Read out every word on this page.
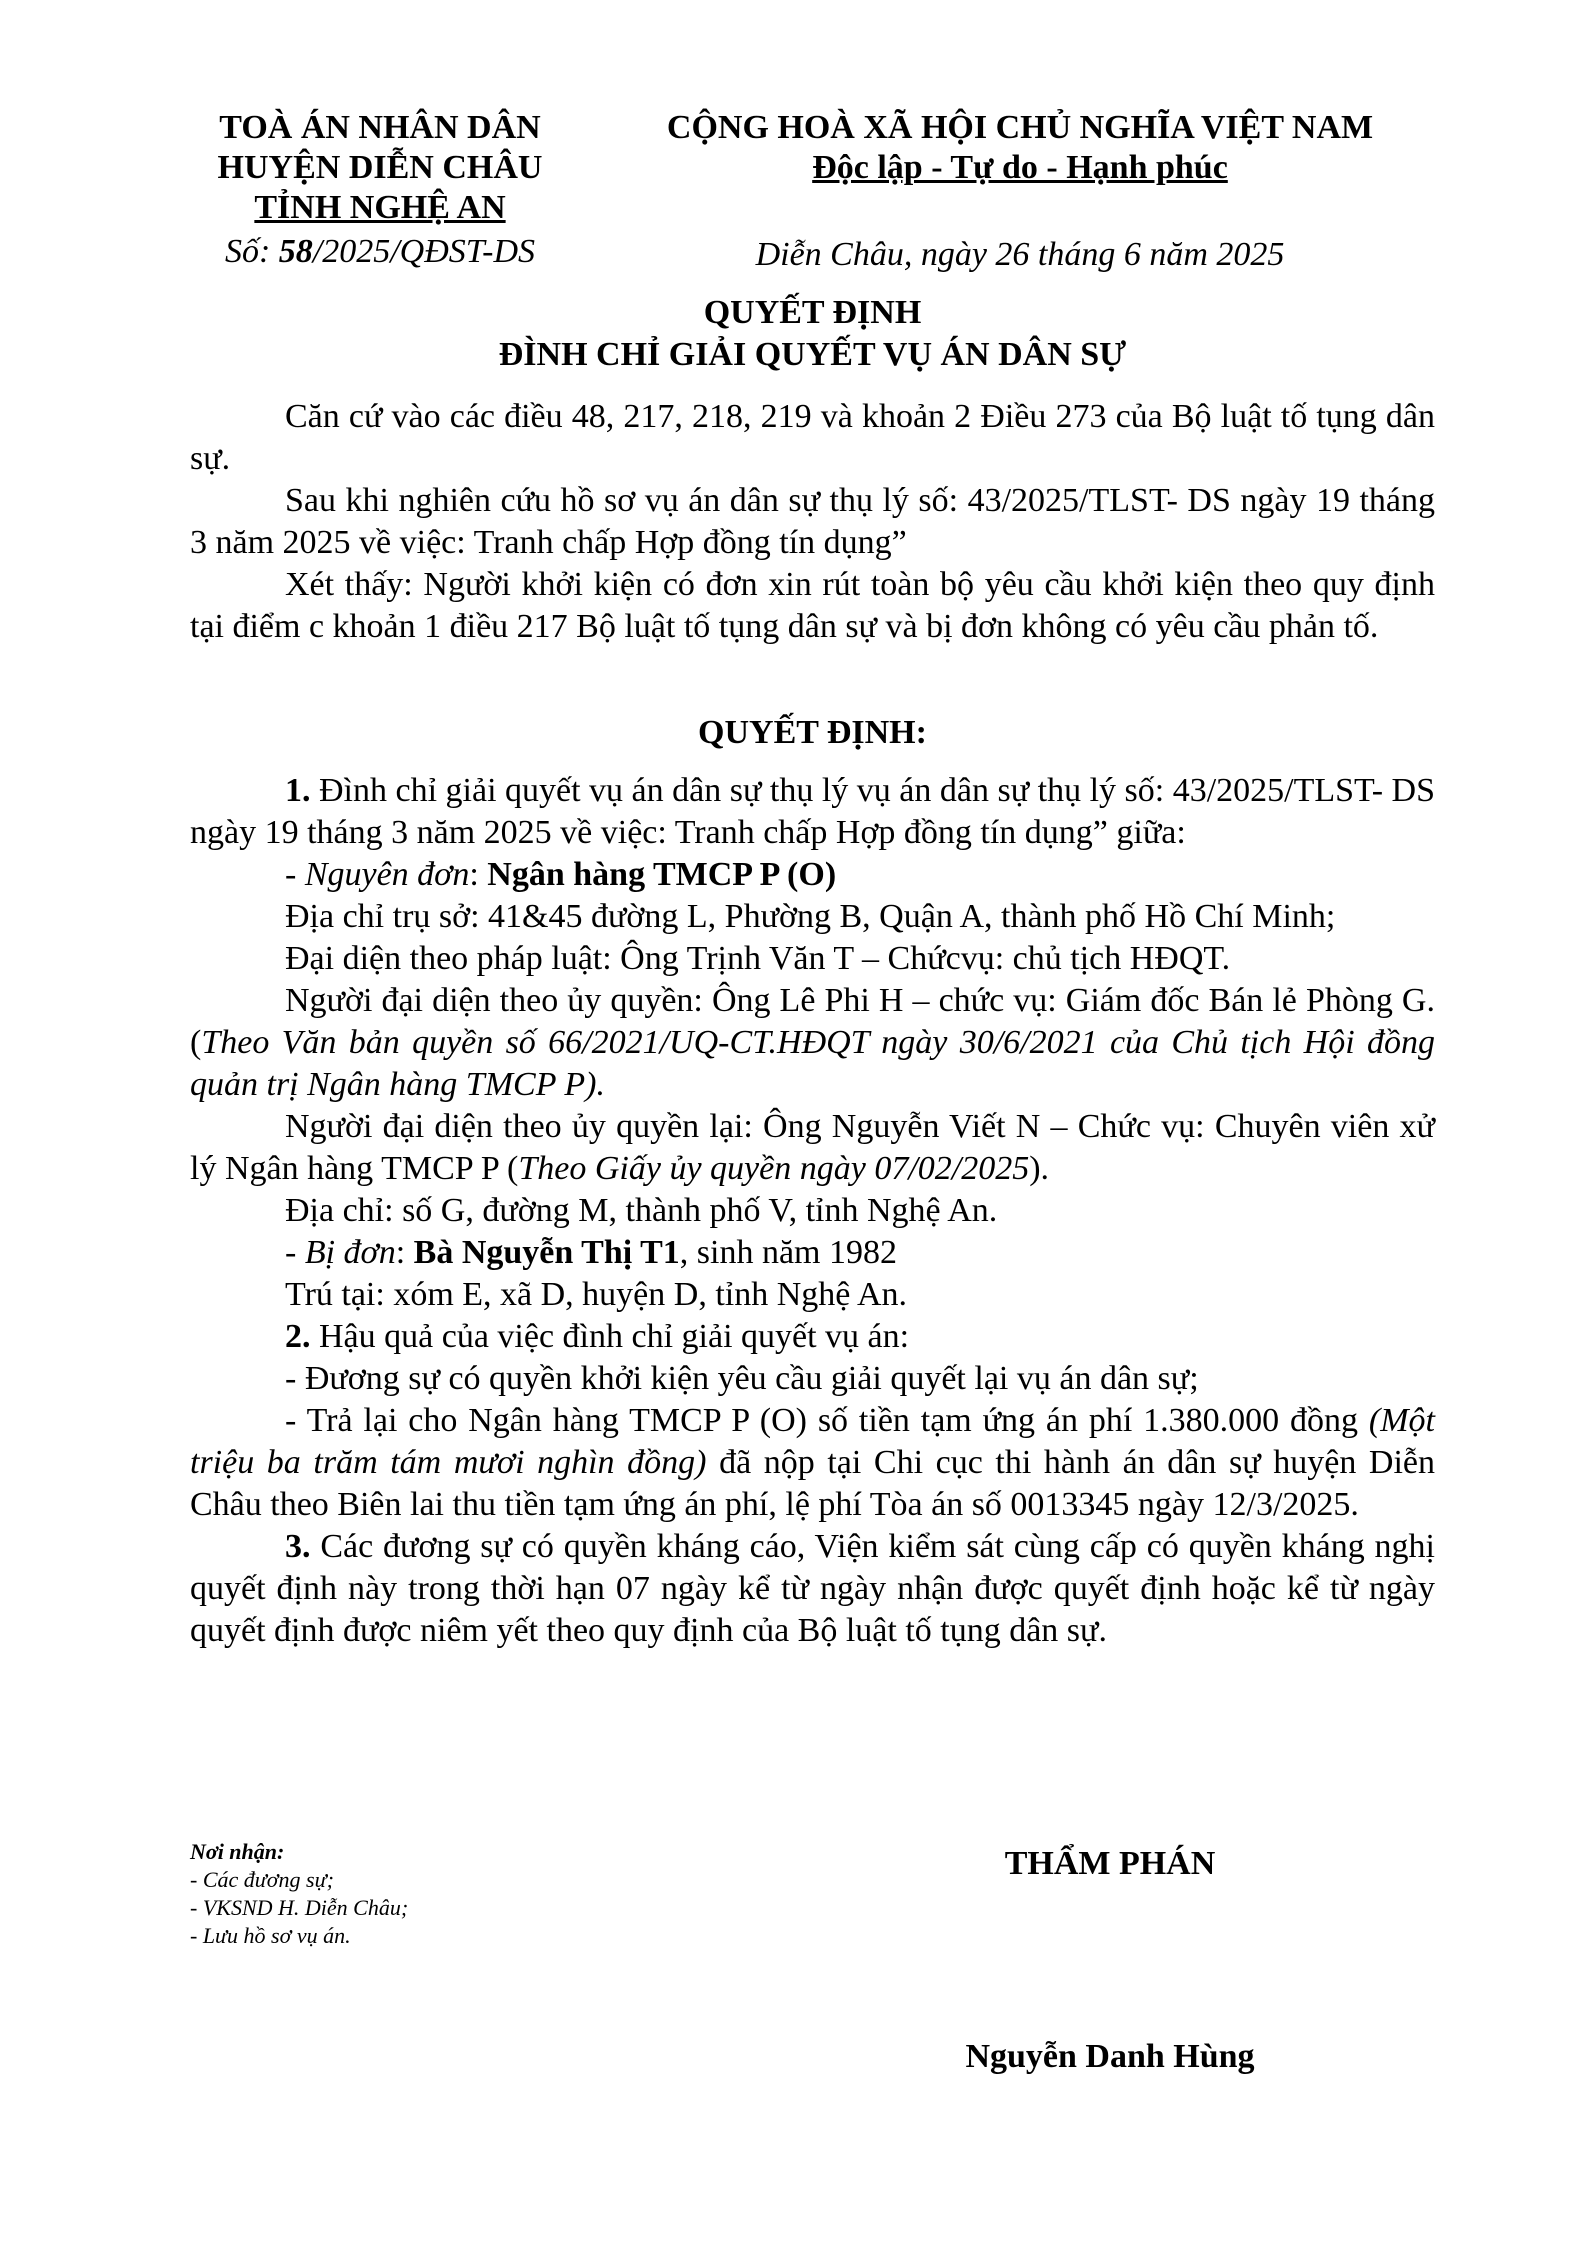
TOÀ ÁN NHÂN DÂN
HUYỆN DIỄN CHÂU
TỈNH NGHỆ AN
Số: 58/2025/QĐST-DS
CỘNG HOÀ XÃ HỘI CHỦ NGHĨA VIỆT NAM
Độc lập - Tự do - Hạnh phúc
Diễn Châu, ngày 26 tháng 6 năm 2025
QUYẾT ĐỊNH
ĐÌNH CHỈ GIẢI QUYẾT VỤ ÁN DÂN SỰ

Căn cứ vào các điều 48, 217, 218, 219 và khoản 2 Điều 273 của Bộ luật tố tụng dân sự.

Sau khi nghiên cứu hồ sơ vụ án dân sự thụ lý số: 43/2025/TLST- DS ngày 19 tháng 3 năm 2025 về việc: Tranh chấp Hợp đồng tín dụng”

Xét thấy: Người khởi kiện có đơn xin rút toàn bộ yêu cầu khởi kiện theo quy định tại điểm c khoản 1 điều 217 Bộ luật tố tụng dân sự và bị đơn không có yêu cầu phản tố.

QUYẾT ĐỊNH:

1. Đình chỉ giải quyết vụ án dân sự thụ lý vụ án dân sự thụ lý số: 43/2025/TLST- DS ngày 19 tháng 3 năm 2025 về việc: Tranh chấp Hợp đồng tín dụng” giữa:

- Nguyên đơn: Ngân hàng TMCP P (O)

Địa chỉ trụ sở: 41&45 đường L, Phường B, Quận A, thành phố Hồ Chí Minh;

Đại diện theo pháp luật: Ông Trịnh Văn T – Chứcvụ: chủ tịch HĐQT.

Người đại diện theo ủy quyền: Ông Lê Phi H – chức vụ: Giám đốc Bán lẻ Phòng G. (Theo Văn bản quyền số 66/2021/UQ-CT.HĐQT ngày 30/6/2021 của Chủ tịch Hội đồng quản trị Ngân hàng TMCP P).

Người đại diện theo ủy quyền lại: Ông Nguyễn Viết N – Chức vụ: Chuyên viên xử lý Ngân hàng TMCP P (Theo Giấy ủy quyền ngày 07/02/2025).

Địa chỉ: số G, đường M, thành phố V, tỉnh Nghệ An.

- Bị đơn: Bà Nguyễn Thị T1, sinh năm 1982

Trú tại: xóm E, xã D, huyện D, tỉnh Nghệ An.

2. Hậu quả của việc đình chỉ giải quyết vụ án:

- Đương sự có quyền khởi kiện yêu cầu giải quyết lại vụ án dân sự;

- Trả lại cho Ngân hàng TMCP P (O) số tiền tạm ứng án phí 1.380.000 đồng (Một triệu ba trăm tám mươi nghìn đồng) đã nộp tại Chi cục thi hành án dân sự huyện Diễn Châu theo Biên lai thu tiền tạm ứng án phí, lệ phí Tòa án số 0013345 ngày 12/3/2025.

3. Các đương sự có quyền kháng cáo, Viện kiểm sát cùng cấp có quyền kháng nghị quyết định này trong thời hạn 07 ngày kể từ ngày nhận được quyết định hoặc kể từ ngày quyết định được niêm yết theo quy định của Bộ luật tố tụng dân sự.

Nơi nhận:
- Các đương sự;
- VKSND H. Diễn Châu;
- Lưu hồ sơ vụ án.
THẨM PHÁN
Nguyễn Danh Hùng
